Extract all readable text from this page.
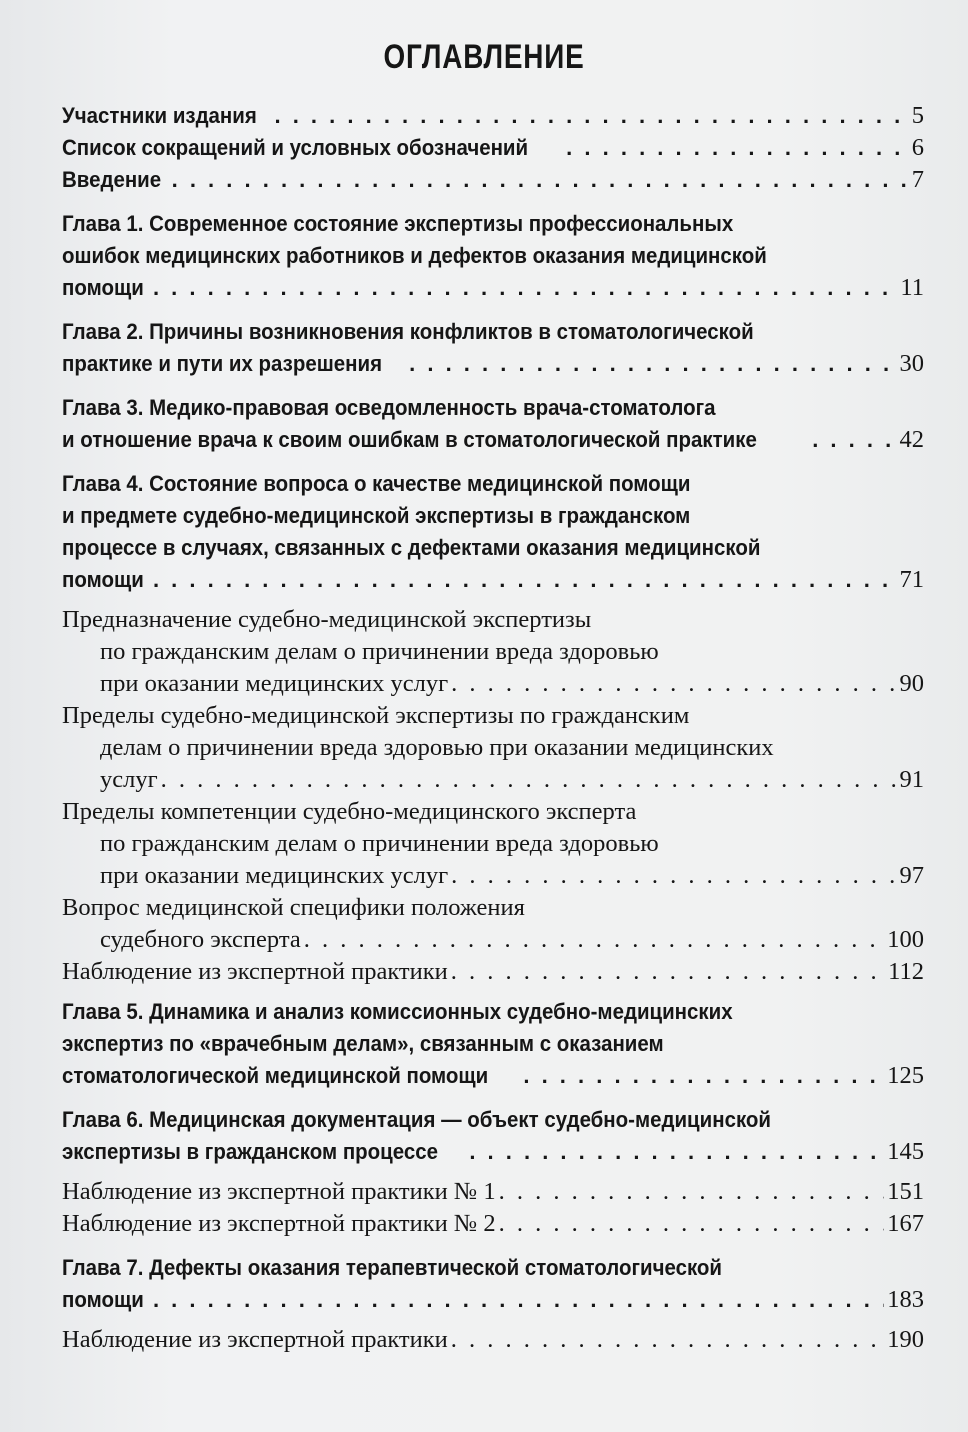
ОГЛАВЛЕНИЕ
Участники издания . . .	5
Список сокращений и условных обозначений . . .	6
Введение . . .	7
Глава 1. Современное состояние экспертизы профессиональных
ошибок медицинских работников и дефектов оказания медицинской
помощи . . .	11
Глава 2. Причины возникновения конфликтов в стоматологической
практике и пути их разрешения . . .	30
Глава 3. Медико-правовая осведомленность врача-стоматолога
и отношение врача к своим ошибкам в стоматологической практике . . .	42
Глава 4. Состояние вопроса о качестве медицинской помощи
и предмете судебно-медицинской экспертизы в гражданском
процессе в случаях, связанных с дефектами оказания медицинской
помощи . . .	71
Предназначение судебно-медицинской экспертизы
по гражданским делам о причинении вреда здоровью
при оказании медицинских услуг . . .	90
Пределы судебно-медицинской экспертизы по гражданским
делам о причинении вреда здоровью при оказании медицинских
услуг . . .	91
Пределы компетенции судебно-медицинского эксперта
по гражданским делам о причинении вреда здоровью
при оказании медицинских услуг . . .	97
Вопрос медицинской специфики положения
судебного эксперта . . .	100
Наблюдение из экспертной практики . . .	112
Глава 5. Динамика и анализ комиссионных судебно-медицинских
экспертиз по «врачебным делам», связанным с оказанием
стоматологической медицинской помощи . . .	125
Глава 6. Медицинская документация — объект судебно-медицинской
экспертизы в гражданском процессе . . .	145
Наблюдение из экспертной практики № 1 . . .	151
Наблюдение из экспертной практики № 2 . . .	167
Глава 7. Дефекты оказания терапевтической стоматологической
помощи . . .	183
Наблюдение из экспертной практики . . .	190
